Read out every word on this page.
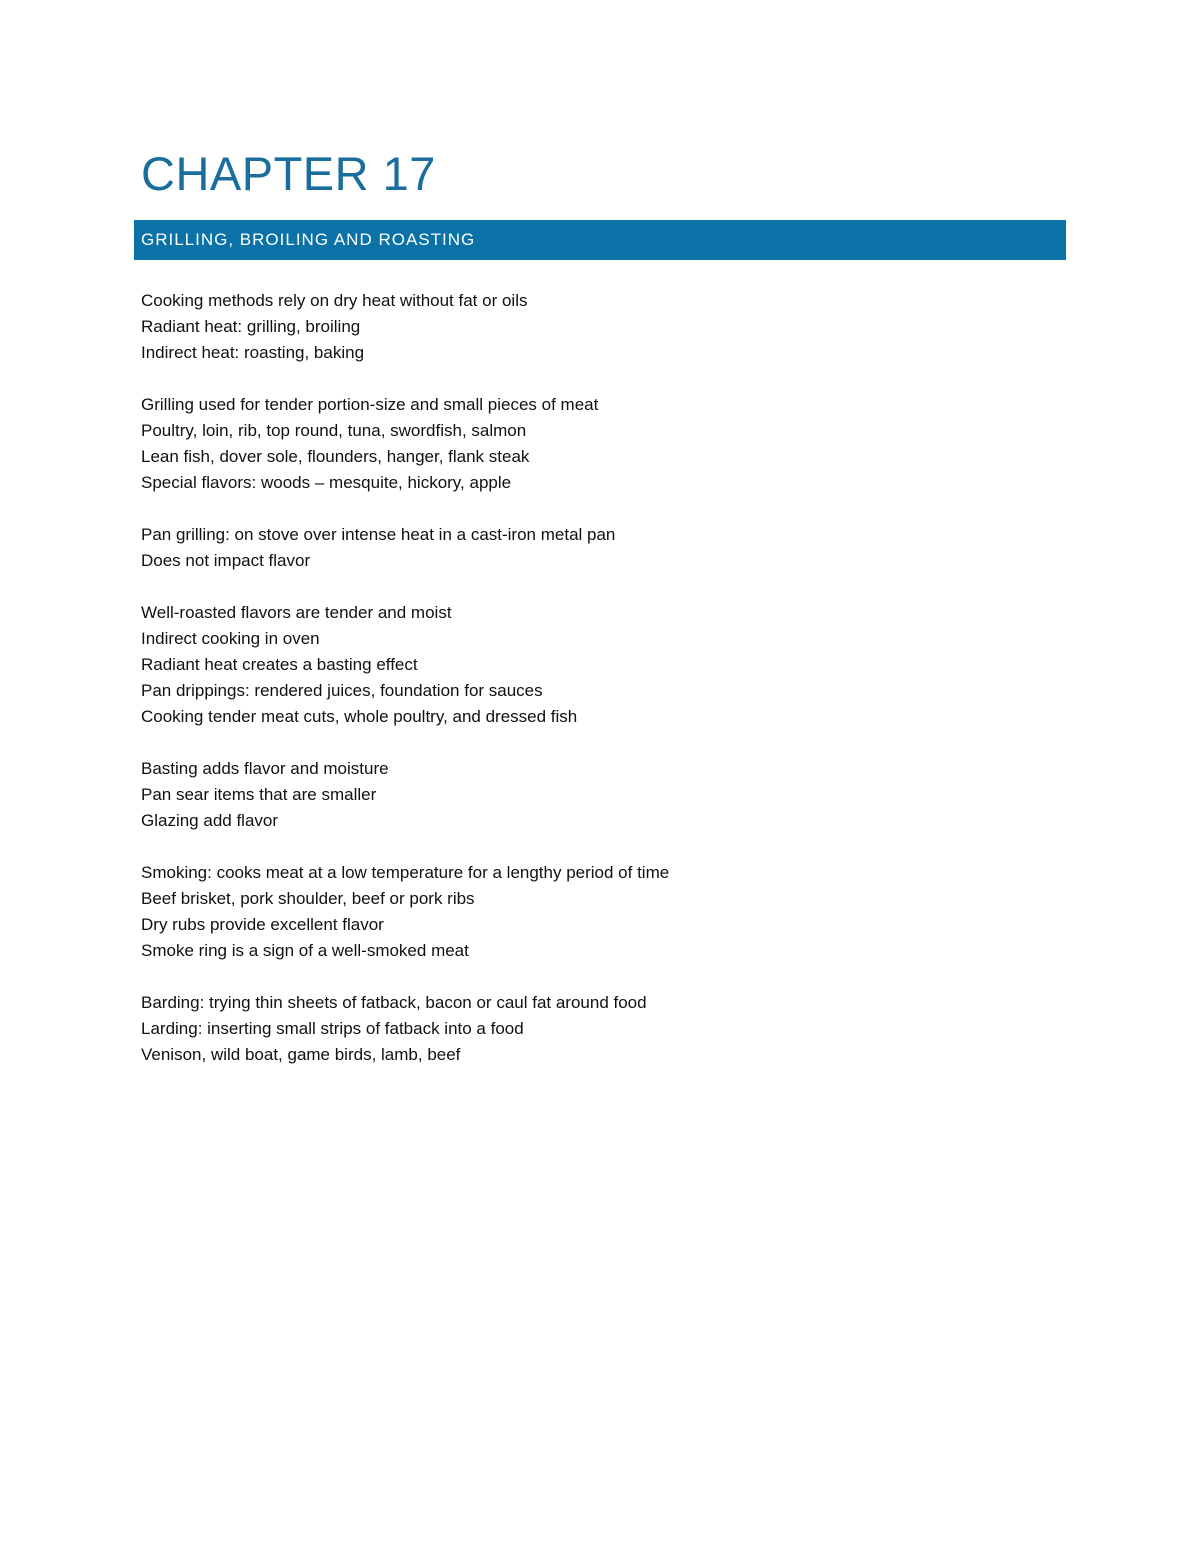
CHAPTER 17
GRILLING, BROILING AND ROASTING

Cooking methods rely on dry heat without fat or oils

Radiant heat: grilling, broiling

Indirect heat: roasting, baking

Grilling used for tender portion-size and small pieces of meat

Poultry, loin, rib, top round, tuna, swordfish, salmon

Lean fish, dover sole, flounders, hanger, flank steak

Special flavors: woods – mesquite, hickory, apple

Pan grilling: on stove over intense heat in a cast-iron metal pan

Does not impact flavor

Well-roasted flavors are tender and moist

Indirect cooking in oven

Radiant heat creates a basting effect

Pan drippings: rendered juices, foundation for sauces

Cooking tender meat cuts, whole poultry, and dressed fish

Basting adds flavor and moisture

Pan sear items that are smaller

Glazing add flavor

Smoking: cooks meat at a low temperature for a lengthy period of time

Beef brisket, pork shoulder, beef or pork ribs

Dry rubs provide excellent flavor

Smoke ring is a sign of a well-smoked meat

Barding: trying thin sheets of fatback, bacon or caul fat around food

Larding: inserting small strips of fatback into a food

Venison, wild boat, game birds, lamb, beef
